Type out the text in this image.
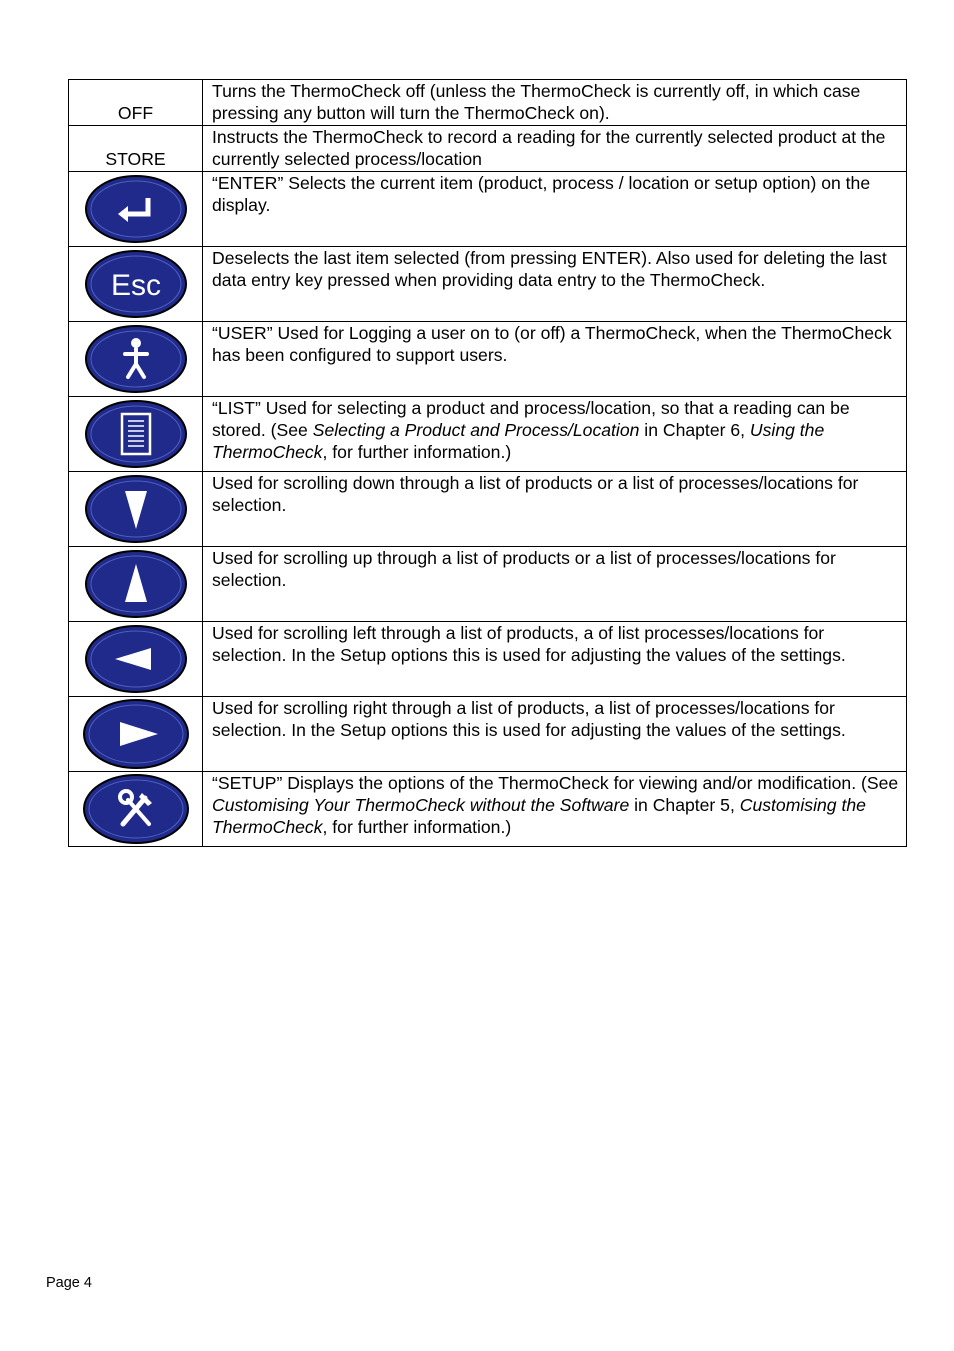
OFF	Turns the ThermoCheck off (unless the ThermoCheck is currently off, in which case pressing any button will turn the ThermoCheck on).
STORE	Instructs the ThermoCheck to record a reading for the currently selected product at the currently selected process/location

	“ENTER” Selects the current item (product, process / location or setup option) on the display.

Esc	Deselects the last item selected (from pressing ENTER). Also used for deleting the last data entry key pressed when providing data entry to the ThermoCheck.

	“USER” Used for Logging a user on to (or off) a ThermoCheck, when the ThermoCheck has been configured to support users.

	“LIST” Used for selecting a product and process/location, so that a reading can be stored. (See Selecting a Product and Process/Location in Chapter 6, Using the ThermoCheck, for further information.)

	Used for scrolling down through a list of products or a list of processes/locations for selection.

	Used for scrolling up through a list of products or a list of processes/locations for selection.

	Used for scrolling left through a list of products, a of list processes/locations for selection. In the Setup options this is used for adjusting the values of the settings.

	Used for scrolling right through a list of products, a list of processes/locations for selection. In the Setup options this is used for adjusting the values of the settings.

	“SETUP” Displays the options of the ThermoCheck for viewing and/or modification. (See Customising Your ThermoCheck without the Software in Chapter 5, Customising the ThermoCheck, for further information.)
Page 4
